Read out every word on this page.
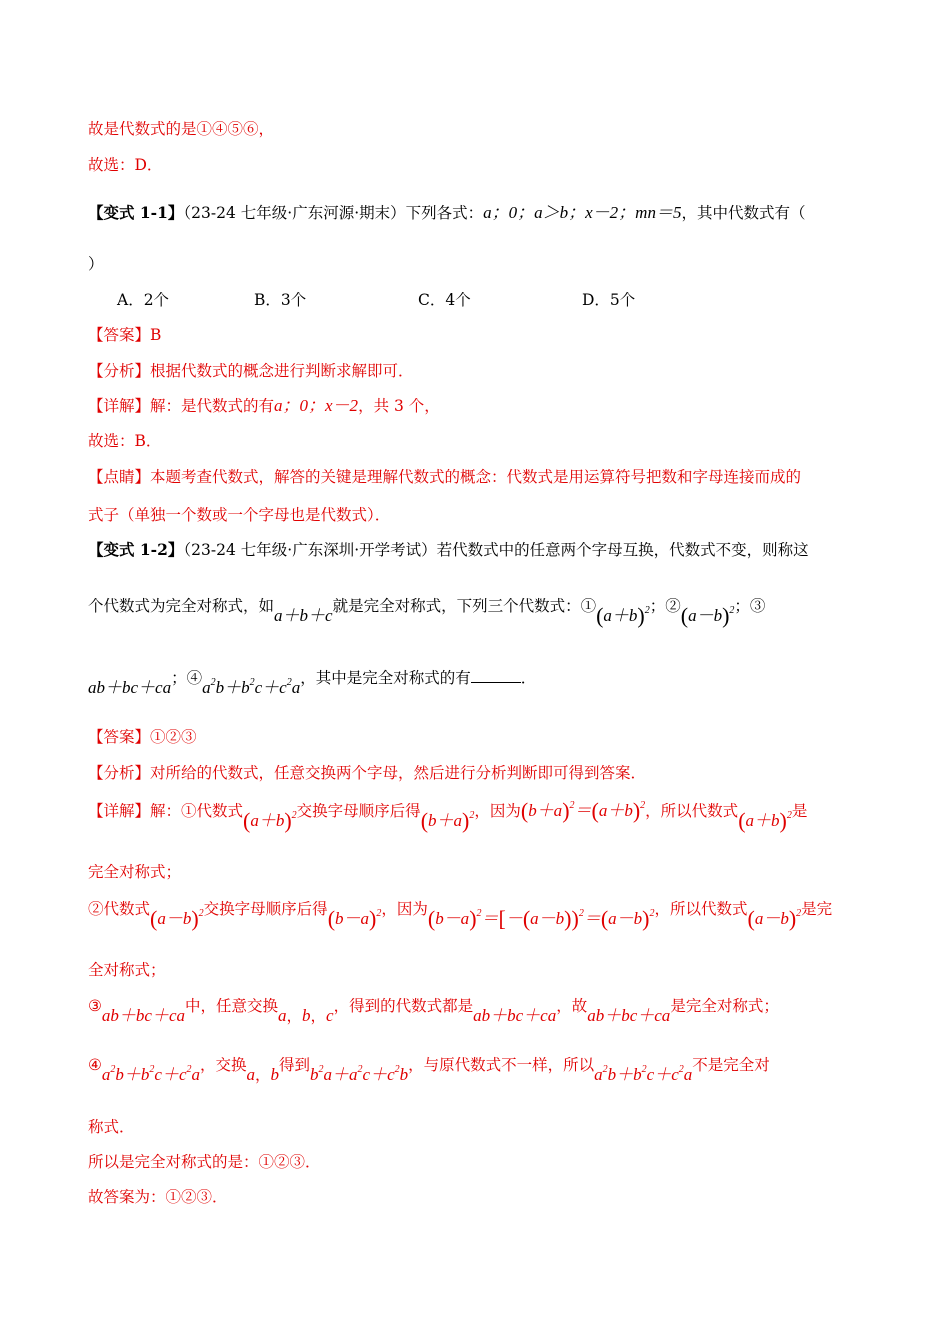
故是代数式的是①④⑤⑥，
故选：D．
【变式 1-1】（23-24 七年级·广东河源·期末）下列各式：a；0；a＞b；x－2；mn＝5，其中代数式有（
）
A．2个	B．3个	C．4个	D．5个
【答案】B
【分析】根据代数式的概念进行判断求解即可．
【详解】解：是代数式的有a；0；x－2，共 3 个，
故选：B．
【点睛】本题考查代数式，解答的关键是理解代数式的概念：代数式是用运算符号把数和字母连接而成的
式子（单独一个数或一个字母也是代数式）．
【变式 1-2】（23-24 七年级·广东深圳·开学考试）若代数式中的任意两个字母互换，代数式不变，则称这
个代数式为完全对称式，如a＋b＋c就是完全对称式，下列三个代数式：$①(a+b)^2$；$②(a-b)^2$；③
ab＋bc＋ca；$④a^2b+b^2c+c^2a$，其中是完全对称式的有	．
【答案】①②③
【分析】对所给的代数式，任意交换两个字母，然后进行分析判断即可得到答案．
【详解】解：①代数式$(a+b)^2$交换字母顺序后得$(b+a)^2$，因为$(b+a)^2=(a+b)^2$，所以代数式$(a+b)^2$是
完全对称式；
②代数式$(a-b)^2$交换字母顺序后得$(b-a)^2$，因为$(b-a)^2=[-(a-b))^2=(a-b)^2$，所以代数式$(a-b)^2$是完
全对称式；
③ab＋bc＋ca中，任意交换a，b，c，得到的代数式都是ab＋bc＋ca，故ab＋bc＋ca是完全对称式；
$④a^2b+b^2c+c^2a$，交换a，b得到$b^2a+a^2c+c^2b$，与原代数式不一样，所以$a^2b+b^2c+c^2a$不是完全对
称式．
所以是完全对称式的是：①②③．
故答案为：①②③．
